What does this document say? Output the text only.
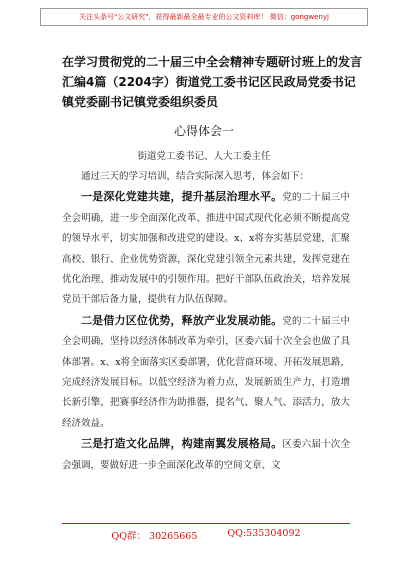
关注头条号"公文研究"，获得最新最全最专业的公文资料库！ 微信：gongwenyj
在学习贯彻党的二十届三中全会精神专题研讨班上的发言汇编4篇（2204字）街道党工委书记区民政局党委书记镇党委副书记镇党委组织委员
心得体会一
街道党工委书记、人大工委主任

通过三天的学习培训，结合实际深入思考，体会如下：

一是深化党建共建，提升基层治理水平。党的二十届三中全会明确，进一步全面深化改革、推进中国式现代化必须不断提高党的领导水平，切实加强和改进党的建设。x、x将夯实基层党建，汇聚高校、银行、企业优势资源，深化党建引领全元素共建，发挥党建在优化治理、推动发展中的引领作用。把好干部队伍政治关，培养发展党员干部后备力量，提供有力队伍保障。

二是借力区位优势，释放产业发展动能。党的二十届三中全会明确，坚持以经济体制改革为牵引，区委六届十次全会也做了具体部署。x、x将全面落实区委部署，优化营商环境、开拓发展思路，完成经济发展目标。以低空经济为着力点，发展新质生产力，打造增长新引擎，把赛事经济作为助推器，提名气、聚人气、添活力，放大经济效益。

三是打造文化品牌，构建南翼发展格局。区委六届十次全会强调，要做好进一步全面深化改革的空间文章、文

QQ群： 30265665	QQ:535304092
